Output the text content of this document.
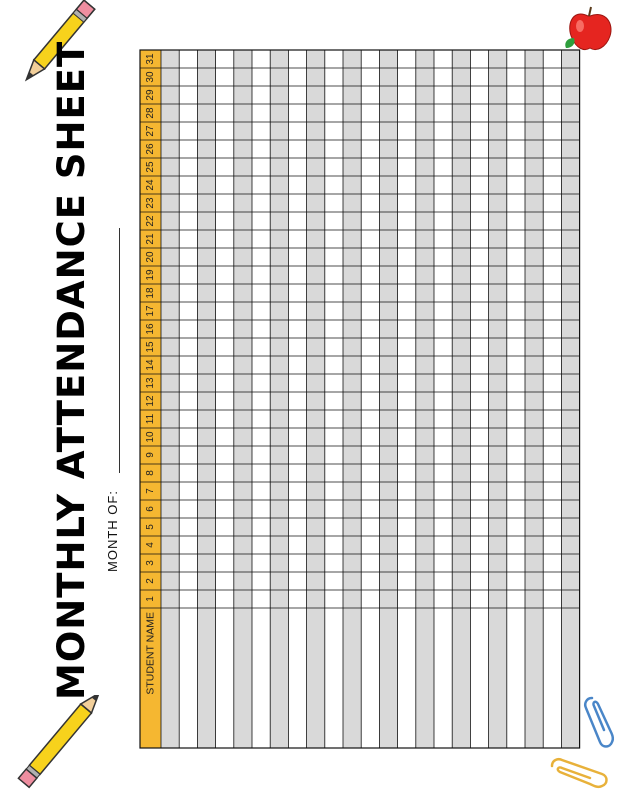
MONTHLY ATTENDANCE SHEET MONTH OF:
1
2
3
4
5
6
7
8
9
10
11
12
13
14
15
16
17
18
19
20
21
22
23
24
25
26
27
28
29
30
31
STUDENT NAME
